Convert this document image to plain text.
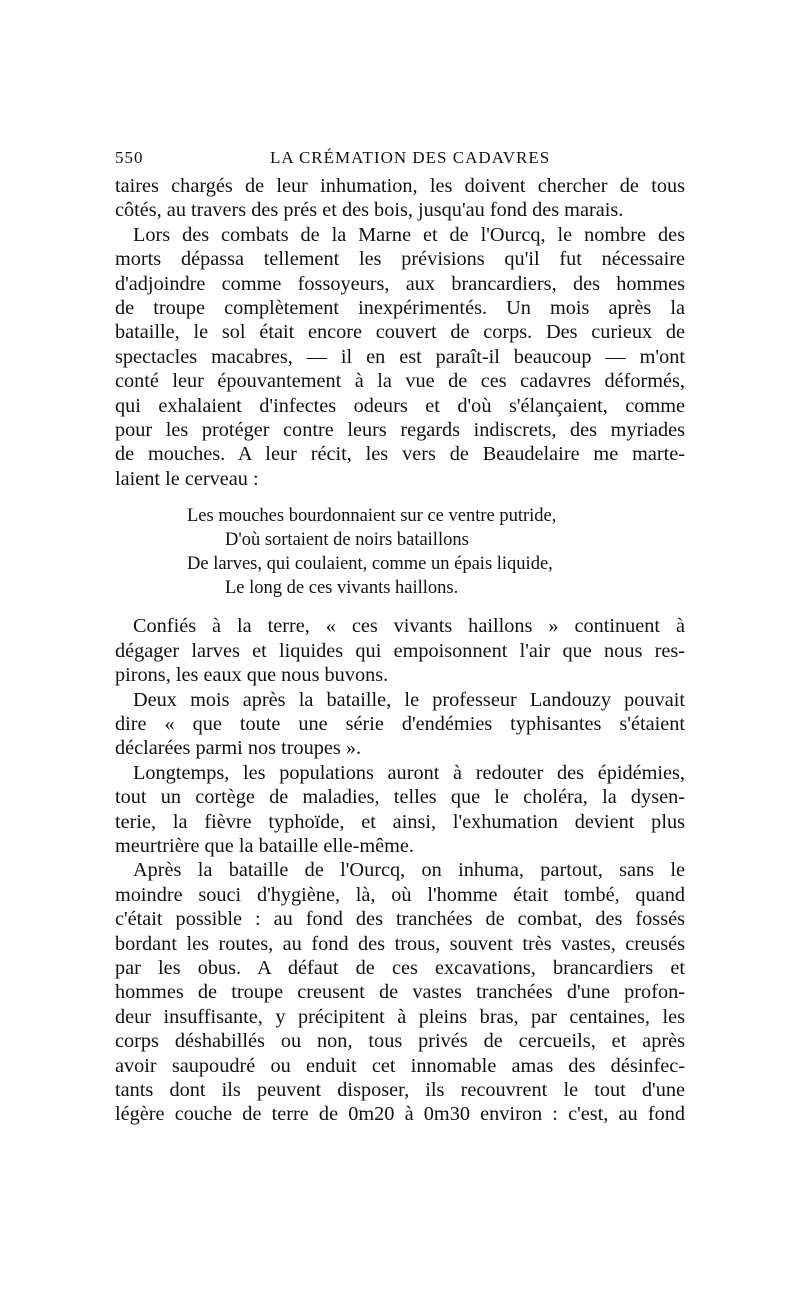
550	LA CRÉMATION DES CADAVRES
taires chargés de leur inhumation, les doivent chercher de tous
côtés, au travers des prés et des bois, jusqu'au fond des marais.
Lors des combats de la Marne et de l'Ourcq, le nombre des
morts dépassa tellement les prévisions qu'il fut nécessaire
d'adjoindre comme fossoyeurs, aux brancardiers, des hommes
de troupe complètement inexpérimentés. Un mois après la
bataille, le sol était encore couvert de corps. Des curieux de
spectacles macabres, — il en est paraît-il beaucoup — m'ont
conté leur épouvantement à la vue de ces cadavres déformés,
qui exhalaient d'infectes odeurs et d'où s'élançaient, comme
pour les protéger contre leurs regards indiscrets, des myriades
de mouches. A leur récit, les vers de Beaudelaire me marte-
laient le cerveau :
Les mouches bourdonnaient sur ce ventre putride,
D'où sortaient de noirs bataillons
De larves, qui coulaient, comme un épais liquide,
Le long de ces vivants haillons.
Confiés à la terre, « ces vivants haillons » continuent à
dégager larves et liquides qui empoisonnent l'air que nous res-
pirons, les eaux que nous buvons.
Deux mois après la bataille, le professeur Landouzy pouvait
dire « que toute une série d'endémies typhisantes s'étaient
déclarées parmi nos troupes ».
Longtemps, les populations auront à redouter des épidémies,
tout un cortège de maladies, telles que le choléra, la dysen-
terie, la fièvre typhoïde, et ainsi, l'exhumation devient plus
meurtrière que la bataille elle-même.
Après la bataille de l'Ourcq, on inhuma, partout, sans le
moindre souci d'hygiène, là, où l'homme était tombé, quand
c'était possible : au fond des tranchées de combat, des fossés
bordant les routes, au fond des trous, souvent très vastes, creusés
par les obus. A défaut de ces excavations, brancardiers et
hommes de troupe creusent de vastes tranchées d'une profon-
deur insuffisante, y précipitent à pleins bras, par centaines, les
corps déshabillés ou non, tous privés de cercueils, et après
avoir saupoudré ou enduit cet innomable amas des désinfec-
tants dont ils peuvent disposer, ils recouvrent le tout d'une
légère couche de terre de 0m20 à 0m30 environ : c'est, au fond
